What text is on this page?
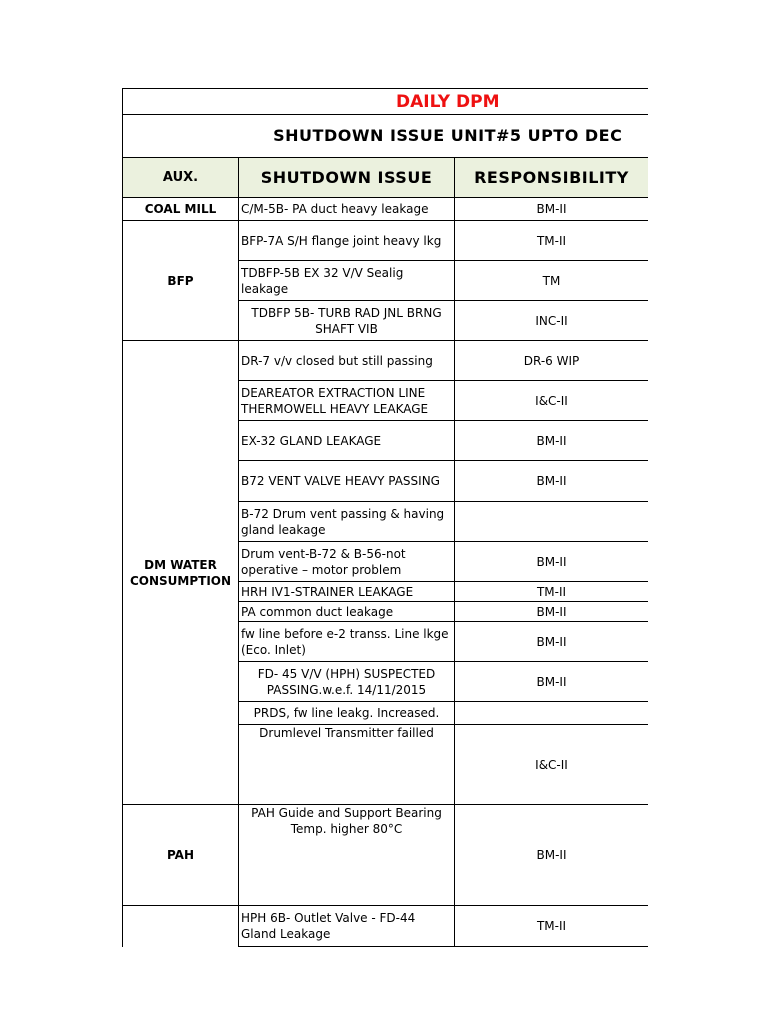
DAILY DPM			
SHUTDOWN ISSUE UNIT#5 UPTO DEC			
AUX.	SHUTDOWN ISSUE	RESPONSIBILITY	
COAL MILL	C/M-5B- PA duct heavy leakage	BM-II	
BFP	BFP-7A S/H flange joint heavy lkg	TM-II	
	TDBFP-5B EX 32 V/V Sealig leakage	TM	
	TDBFP 5B- TURB RAD JNL BRNG SHAFT VIB	INC-II	
DM WATER CONSUMPTION	DR-7 v/v closed but still passing	DR-6 WIP	
	DEAREATOR EXTRACTION LINE THERMOWELL HEAVY LEAKAGE	I&C-II	
	EX-32 GLAND LEAKAGE	BM-II	
	B72 VENT VALVE HEAVY PASSING	BM-II	
	B-72 Drum vent passing & having gland leakage		
	Drum vent-B-72 & B-56-not operative – motor problem	BM-II	
	HRH IV1-STRAINER LEAKAGE	TM-II	
	PA common duct leakage	BM-II	
	fw line before e-2 transs. Line lkge (Eco. Inlet)	BM-II	
	FD- 45 V/V (HPH) SUSPECTED PASSING.w.e.f. 14/11/2015	BM-II	
	PRDS, fw line leakg. Increased.		
	Drumlevel Transmitter failled	I&C-II	
PAH	PAH Guide and Support Bearing Temp. higher 80°C	BM-II	
	HPH 6B- Outlet Valve - FD-44 Gland Leakage	TM-II	
